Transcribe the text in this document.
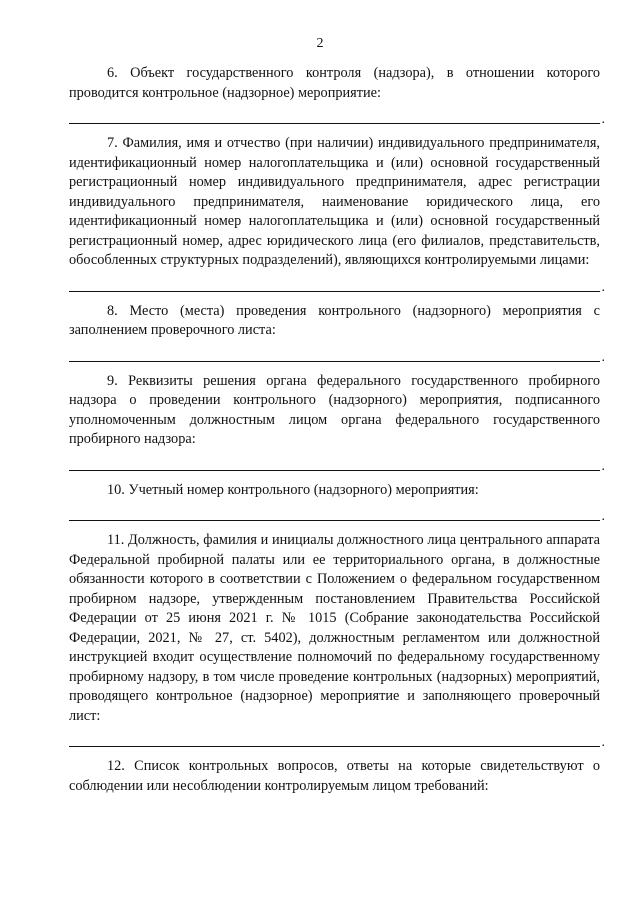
2

6. Объект государственного контроля (надзора), в отношении которого проводится контрольное (надзорное) мероприятие:

.

7. Фамилия, имя и отчество (при наличии) индивидуального предпринимателя, идентификационный номер налогоплательщика и (или) основной государственный регистрационный номер индивидуального предпринимателя, адрес регистрации индивидуального предпринимателя, наименование юридического лица, его идентификационный номер налогоплательщика и (или) основной государственный регистрационный номер, адрес юридического лица (его филиалов, представительств, обособленных структурных подразделений), являющихся контролируемыми лицами:

.

8. Место (места) проведения контрольного (надзорного) мероприятия с заполнением проверочного листа:

.

9. Реквизиты решения органа федерального государственного пробирного надзора о проведении контрольного (надзорного) мероприятия, подписанного уполномоченным должностным лицом органа федерального государственного пробирного надзора:

.

10. Учетный номер контрольного (надзорного) мероприятия:

.

11. Должность, фамилия и инициалы должностного лица центрального аппарата Федеральной пробирной палаты или ее территориального органа, в должностные обязанности которого в соответствии с Положением о федеральном государственном пробирном надзоре, утвержденным постановлением Правительства Российской Федерации от 25 июня 2021 г. № 1015 (Собрание законодательства Российской Федерации, 2021, № 27, ст. 5402), должностным регламентом или должностной инструкцией входит осуществление полномочий по федеральному государственному пробирному надзору, в том числе проведение контрольных (надзорных) мероприятий, проводящего контрольное (надзорное) мероприятие и заполняющего проверочный лист:

.

12. Список контрольных вопросов, ответы на которые свидетельствуют о соблюдении или несоблюдении контролируемым лицом требований:
